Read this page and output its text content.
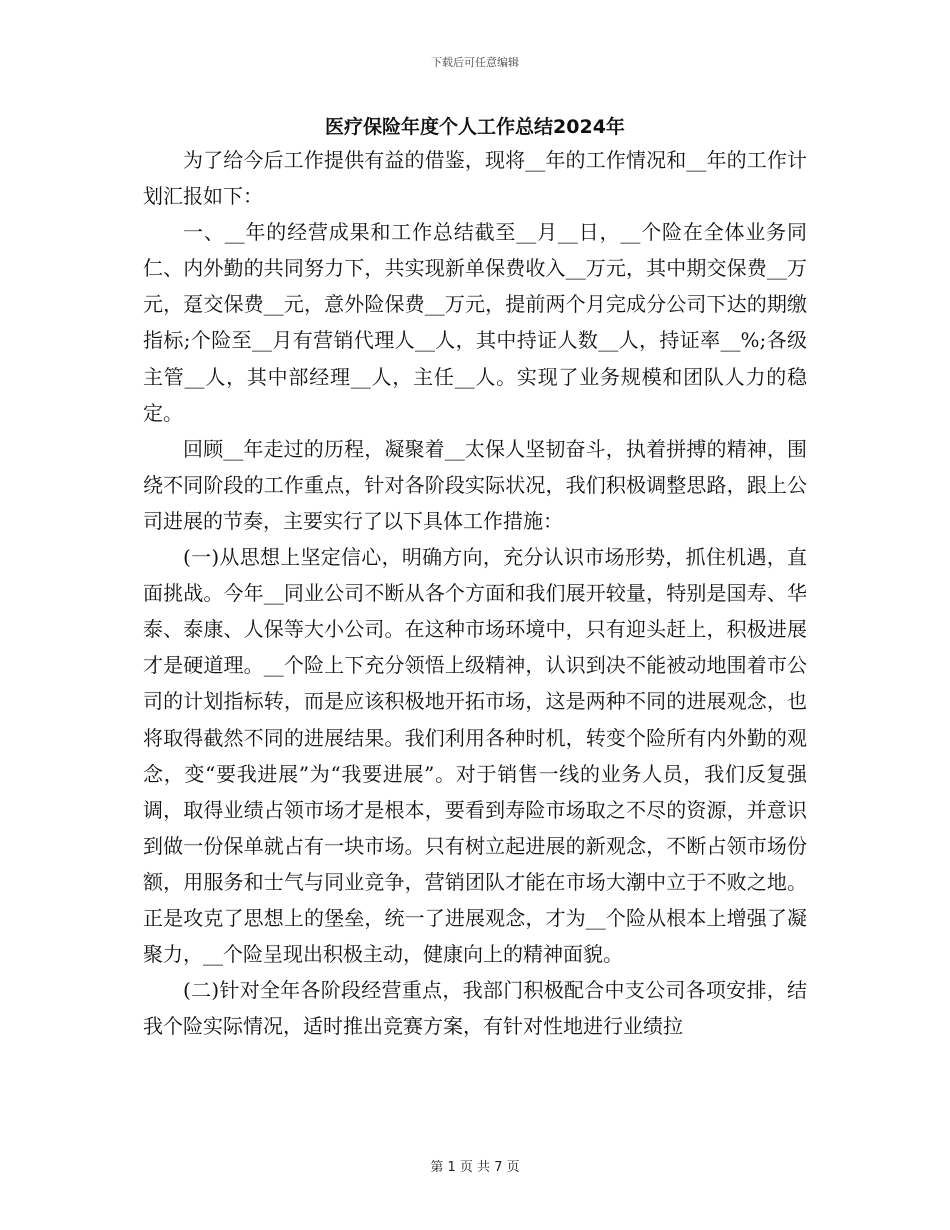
下载后可任意编辑
医疗保险年度个人工作总结2024年

为了给今后工作提供有益的借鉴，现将__年的工作情况和__年的工作计划汇报如下：

一、__年的经营成果和工作总结截至__月__日，__个险在全体业务同仁、内外勤的共同努力下，共实现新单保费收入__万元，其中期交保费__万元，趸交保费__元，意外险保费__万元，提前两个月完成分公司下达的期缴指标;个险至__月有营销代理人__人，其中持证人数__人，持证率__%;各级主管__人，其中部经理__人，主任__人。实现了业务规模和团队人力的稳定。

回顾__年走过的历程，凝聚着__太保人坚韧奋斗，执着拼搏的精神，围绕不同阶段的工作重点，针对各阶段实际状况，我们积极调整思路，跟上公司进展的节奏，主要实行了以下具体工作措施：

(一)从思想上坚定信心，明确方向，充分认识市场形势，抓住机遇，直面挑战。今年__同业公司不断从各个方面和我们展开较量，特别是国寿、华泰、泰康、人保等大小公司。在这种市场环境中，只有迎头赶上，积极进展才是硬道理。__个险上下充分领悟上级精神，认识到决不能被动地围着市公司的计划指标转，而是应该积极地开拓市场，这是两种不同的进展观念，也将取得截然不同的进展结果。我们利用各种时机，转变个险所有内外勤的观念，变“要我进展”为“我要进展”。对于销售一线的业务人员，我们反复强调，取得业绩占领市场才是根本，要看到寿险市场取之不尽的资源，并意识到做一份保单就占有一块市场。只有树立起进展的新观念，不断占领市场份额，用服务和士气与同业竞争，营销团队才能在市场大潮中立于不败之地。正是攻克了思想上的堡垒，统一了进展观念，才为__个险从根本上增强了凝聚力，__个险呈现出积极主动，健康向上的精神面貌。

(二)针对全年各阶段经营重点，我部门积极配合中支公司各项安排，结我个险实际情况，适时推出竞赛方案，有针对性地进行业绩拉

第 1 页 共 7 页
